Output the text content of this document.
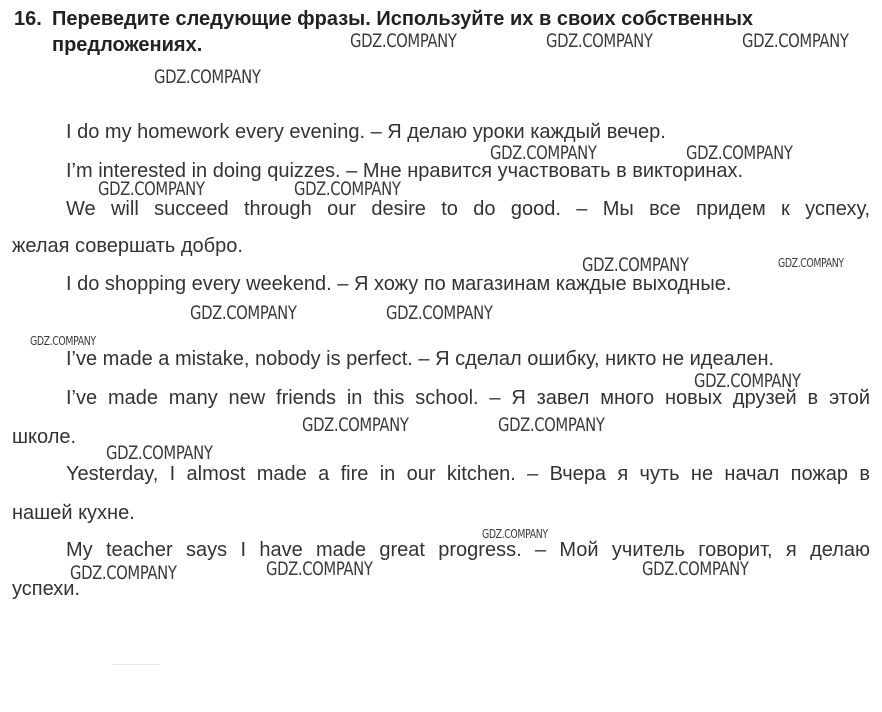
16. Переведите следующие фразы. Используйте их в своих собственных
предложениях.
I do my homework every evening. – Я делаю уроки каждый вечер.
I’m interested in doing quizzes. – Мне нравится участвовать в викторинах.
We will succeed through our desire to do good. – Мы все придем к успеху,
желая совершать добро.
I do shopping every weekend. – Я хожу по магазинам каждые выходные.
I’ve made a mistake, nobody is perfect. – Я сделал ошибку, никто не идеален.
I’ve made many new friends in this school. – Я завел много новых друзей в этой
школе.
Yesterday, I almost made a fire in our kitchen. – Вчера я чуть не начал пожар в
нашей кухне.
My teacher says I have made great progress. – Мой учитель говорит, я делаю
успехи.
GDZ.COMPANY	GDZ.COMPANY	GDZ.COMPANY
GDZ.COMPANY
GDZ.COMPANY	GDZ.COMPANY
GDZ.COMPANY	GDZ.COMPANY
GDZ.COMPANY	GDZ.COMPANY
GDZ.COMPANY	GDZ.COMPANY
GDZ.COMPANY
GDZ.COMPANY
GDZ.COMPANY	GDZ.COMPANY
GDZ.COMPANY
GDZ.COMPANY
GDZ.COMPANY	GDZ.COMPANY
GDZ.COMPANY
